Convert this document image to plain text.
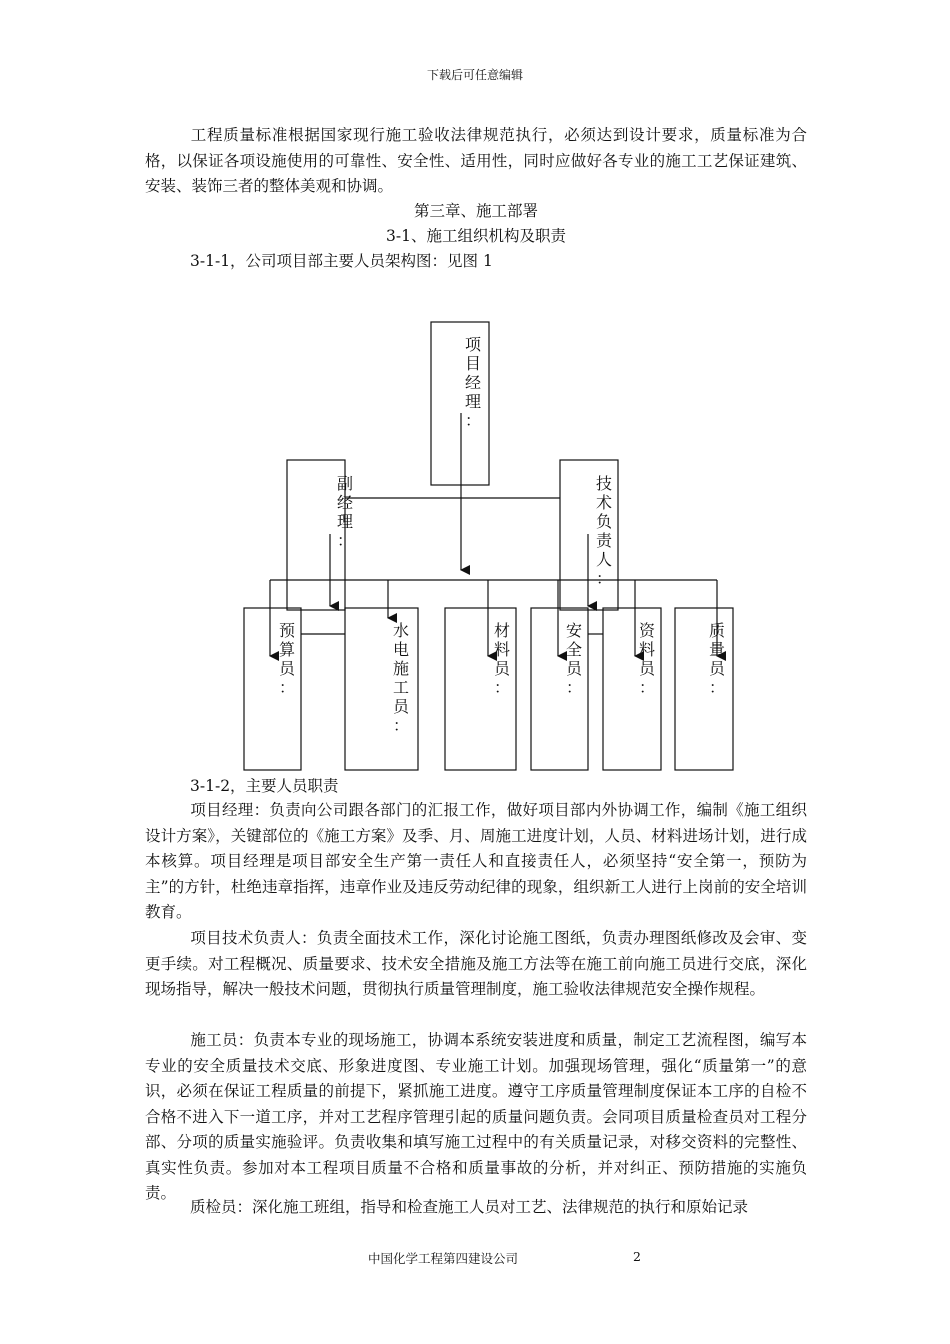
下载后可任意编辑

工程质量标准根据国家现行施工验收法律规范执行，必须达到设计要求，质量标准为合格，以保证各项设施使用的可靠性、安全性、适用性，同时应做好各专业的施工工艺保证建筑、安装、装饰三者的整体美观和协调。

第三章、施工部署
3-1、施工组织机构及职责
3-1-1，公司项目部主要人员架构图：见图 1
项目经理：
副经理：
技术负责人：
预算员：
水电施工员：
材料员：
安全员：
资料员：
质量员：
3-1-2，主要人员职责

项目经理：负责向公司跟各部门的汇报工作，做好项目部内外协调工作，编制《施工组织设计方案》，关键部位的《施工方案》及季、月、周施工进度计划，人员、材料进场计划，进行成本核算。项目经理是项目部安全生产第一责任人和直接责任人，必须坚持“安全第一，预防为主”的方针，杜绝违章指挥，违章作业及违反劳动纪律的现象，组织新工人进行上岗前的安全培训教育。

项目技术负责人：负责全面技术工作，深化讨论施工图纸，负责办理图纸修改及会审、变更手续。对工程概况、质量要求、技术安全措施及施工方法等在施工前向施工员进行交底，深化现场指导，解决一般技术问题，贯彻执行质量管理制度，施工验收法律规范安全操作规程。

施工员：负责本专业的现场施工，协调本系统安装进度和质量，制定工艺流程图，编写本专业的安全质量技术交底、形象进度图、专业施工计划。加强现场管理，强化“质量第一”的意识，必须在保证工程质量的前提下，紧抓施工进度。遵守工序质量管理制度保证本工序的自检不合格不进入下一道工序，并对工艺程序管理引起的质量问题负责。会同项目质量检查员对工程分部、分项的质量实施验评。负责收集和填写施工过程中的有关质量记录，对移交资料的完整性、真实性负责。参加对本工程项目质量不合格和质量事故的分析，并对纠正、预防措施的实施负责。

质检员：深化施工班组，指导和检查施工人员对工艺、法律规范的执行和原始记录

中国化学工程第四建设公司	2
